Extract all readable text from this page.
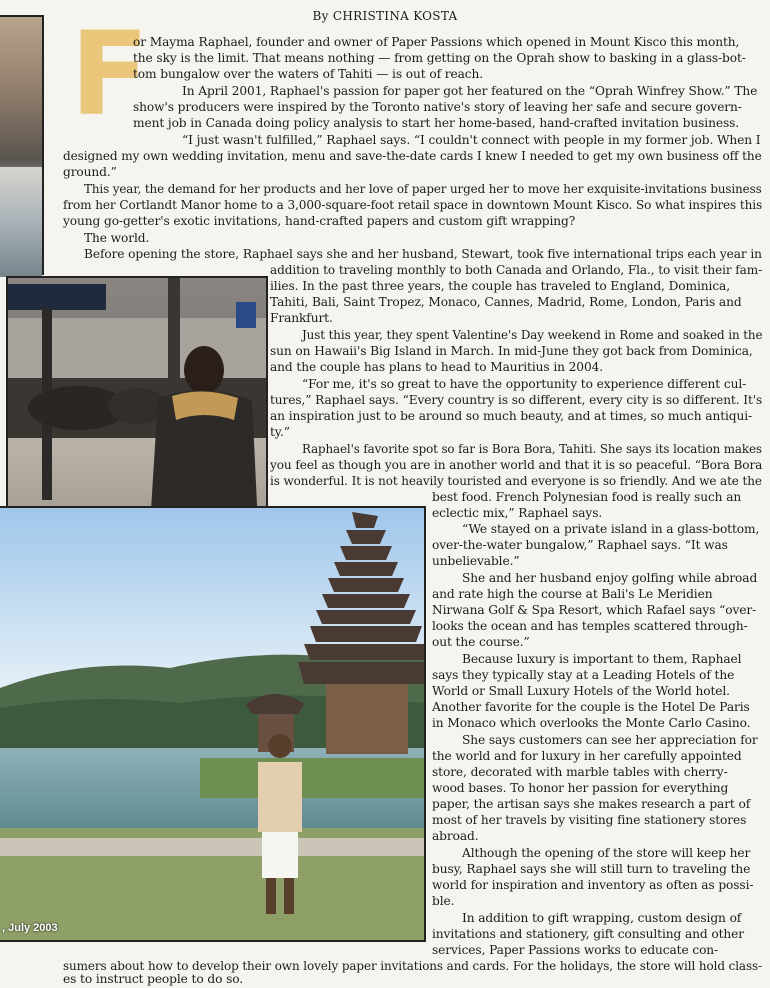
By CHRISTINA KOSTA
F
, July 2003
or Mayma Raphael, founder and owner of Paper Passions which opened in Mount Kisco this month,
the sky is the limit. That means nothing — from getting on the Oprah show to basking in a glass-bot-
tom bungalow over the waters of Tahiti — is out of reach.
In April 2001, Raphael's passion for paper got her featured on the “Oprah Winfrey Show.” The
show's producers were inspired by the Toronto native's story of leaving her safe and secure govern-
ment job in Canada doing policy analysis to start her home-based, hand-crafted invitation business.
“I just wasn't fulfilled,” Raphael says. “I couldn't connect with people in my former job. When I
designed my own wedding invitation, menu and save-the-date cards I knew I needed to get my own business off the
ground.”
This year, the demand for her products and her love of paper urged her to move her exquisite-invitations business
from her Cortlandt Manor home to a 3,000-square-foot retail space in downtown Mount Kisco. So what inspires this
young go-getter's exotic invitations, hand-crafted papers and custom gift wrapping?
The world.
Before opening the store, Raphael says she and her husband, Stewart, took five international trips each year in
addition to traveling monthly to both Canada and Orlando, Fla., to visit their fam-
ilies. In the past three years, the couple has traveled to England, Dominica,
Tahiti, Bali, Saint Tropez, Monaco, Cannes, Madrid, Rome, London, Paris and
Frankfurt.
Just this year, they spent Valentine's Day weekend in Rome and soaked in the
sun on Hawaii's Big Island in March. In mid-June they got back from Dominica,
and the couple has plans to head to Mauritius in 2004.
“For me, it's so great to have the opportunity to experience different cul-
tures,” Raphael says. “Every country is so different, every city is so different. It's
an inspiration just to be around so much beauty, and at times, so much antiqui-
ty.”
Raphael's favorite spot so far is Bora Bora, Tahiti. She says its location makes
you feel as though you are in another world and that it is so peaceful. “Bora Bora
is wonderful. It is not heavily touristed and everyone is so friendly. And we ate the
best food. French Polynesian food is really such an
eclectic mix,” Raphael says.
“We stayed on a private island in a glass-bottom,
over-the-water bungalow,” Raphael says. “It was
unbelievable.”
She and her husband enjoy golfing while abroad
and rate high the course at Bali's Le Meridien
Nirwana Golf & Spa Resort, which Rafael says “over-
looks the ocean and has temples scattered through-
out the course.”
Because luxury is important to them, Raphael
says they typically stay at a Leading Hotels of the
World or Small Luxury Hotels of the World hotel.
Another favorite for the couple is the Hotel De Paris
in Monaco which overlooks the Monte Carlo Casino.
She says customers can see her appreciation for
the world and for luxury in her carefully appointed
store, decorated with marble tables with cherry-
wood bases. To honor her passion for everything
paper, the artisan says she makes research a part of
most of her travels by visiting fine stationery stores
abroad.
Although the opening of the store will keep her
busy, Raphael says she will still turn to traveling the
world for inspiration and inventory as often as possi-
ble.
In addition to gift wrapping, custom design of
invitations and stationery, gift consulting and other
services, Paper Passions works to educate con-
sumers about how to develop their own lovely paper invitations and cards. For the holidays, the store will hold class-
es to instruct people to do so.
